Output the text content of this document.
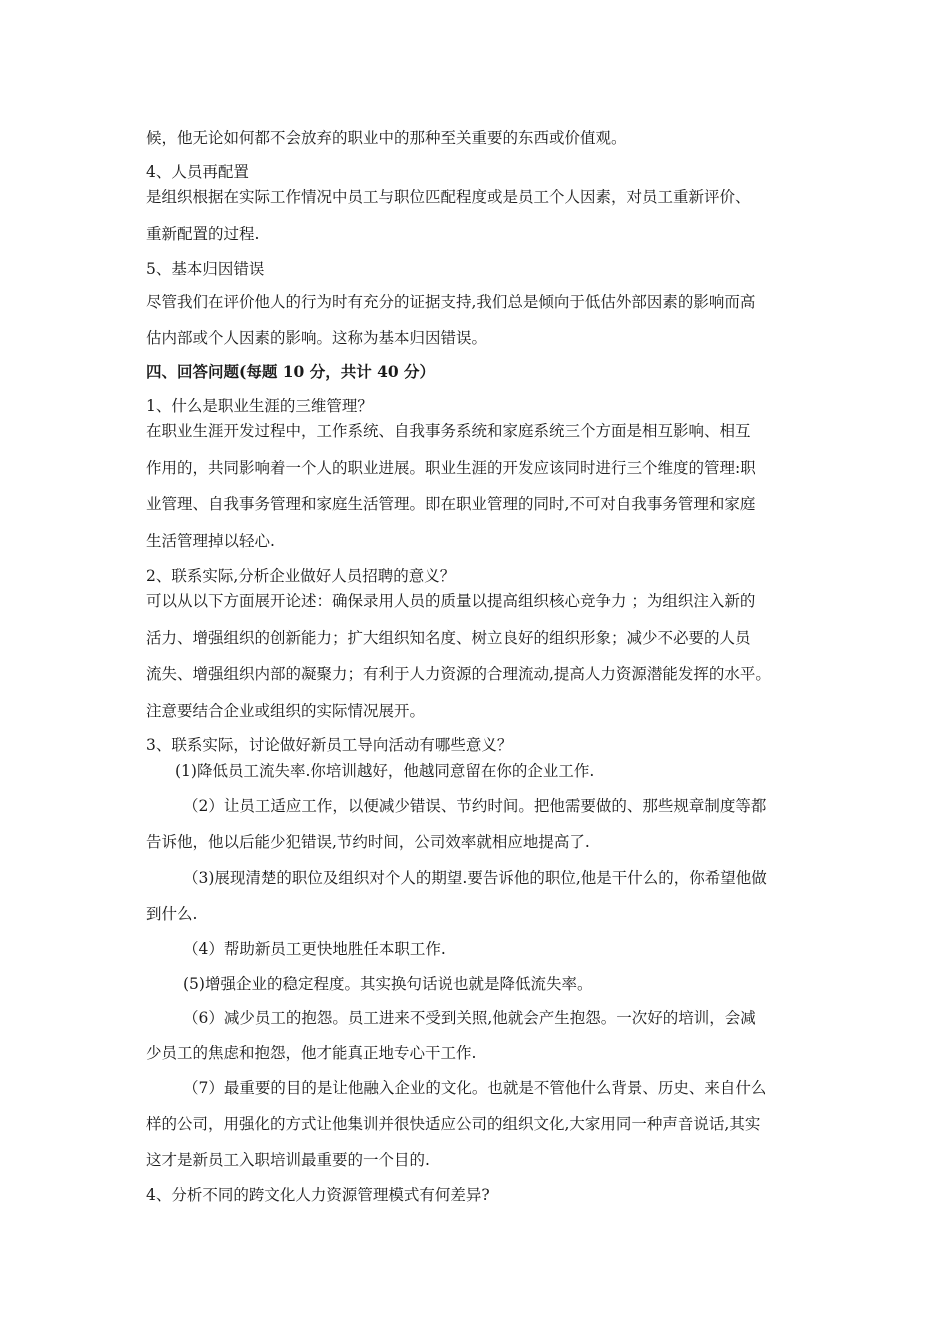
候，他无论如何都不会放弃的职业中的那种至关重要的东西或价值观。
4、人员再配置
是组织根据在实际工作情况中员工与职位匹配程度或是员工个人因素，对员工重新评价、
重新配置的过程.
5、基本归因错误
尽管我们在评价他人的行为时有充分的证据支持,我们总是倾向于低估外部因素的影响而高
估内部或个人因素的影响。这称为基本归因错误。
四、回答问题(每题 10 分，共计 40 分）
1、什么是职业生涯的三维管理？
在职业生涯开发过程中，工作系统、自我事务系统和家庭系统三个方面是相互影响、相互
作用的，共同影响着一个人的职业进展。职业生涯的开发应该同时进行三个维度的管理:职
业管理、自我事务管理和家庭生活管理。即在职业管理的同时,不可对自我事务管理和家庭
生活管理掉以轻心.
2、联系实际,分析企业做好人员招聘的意义？
可以从以下方面展开论述：确保录用人员的质量以提高组织核心竞争力 ；为组织注入新的
活力、增强组织的创新能力；扩大组织知名度、树立良好的组织形象；减少不必要的人员
流失、增强组织内部的凝聚力；有利于人力资源的合理流动,提高人力资源潜能发挥的水平。
注意要结合企业或组织的实际情况展开。
3、联系实际，讨论做好新员工导向活动有哪些意义？
(1)降低员工流失率.你培训越好，他越同意留在你的企业工作.
（2）让员工适应工作，以便减少错误、节约时间。把他需要做的、那些规章制度等都
告诉他，他以后能少犯错误,节约时间，公司效率就相应地提高了.
（3)展现清楚的职位及组织对个人的期望.要告诉他的职位,他是干什么的，你希望他做
到什么.
（4）帮助新员工更快地胜任本职工作.
(5)增强企业的稳定程度。其实换句话说也就是降低流失率。
（6）减少员工的抱怨。员工进来不受到关照,他就会产生抱怨。一次好的培训，会减
少员工的焦虑和抱怨，他才能真正地专心干工作.
（7）最重要的目的是让他融入企业的文化。也就是不管他什么背景、历史、来自什么
样的公司，用强化的方式让他集训并很快适应公司的组织文化,大家用同一种声音说话,其实
这才是新员工入职培训最重要的一个目的.
4、分析不同的跨文化人力资源管理模式有何差异?
